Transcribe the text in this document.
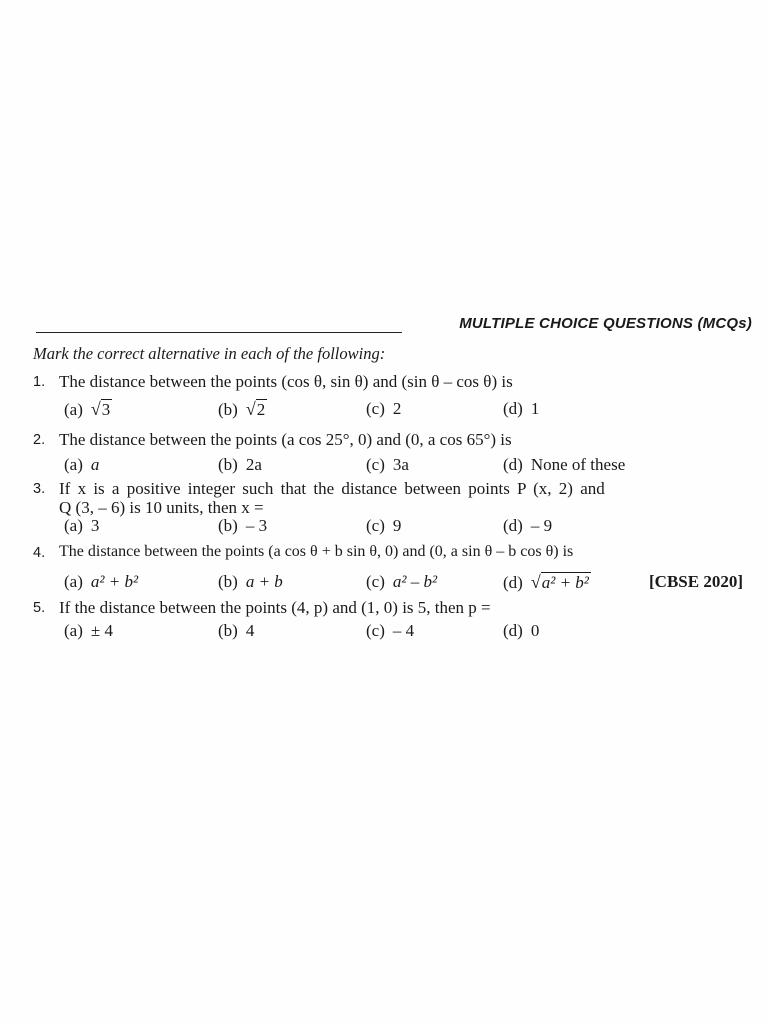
MULTIPLE CHOICE QUESTIONS (MCQs)
Mark the correct alternative in each of the following:
1. The distance between the points (cos θ, sin θ) and (sin θ – cos θ) is
(a) √3	(b) √2	(c) 2	(d) 1
2. The distance between the points (a cos 25°, 0) and (0, a cos 65°) is
(a) a	(b) 2a	(c) 3a	(d) None of these
3. If x is a positive integer such that the distance between points P (x, 2) and
Q (3, – 6) is 10 units, then x =
(a) 3	(b) – 3	(c) 9	(d) – 9
4. The distance between the points (a cos θ + b sin θ, 0) and (0, a sin θ – b cos θ) is
(a) a² + b²	(b) a + b	(c) a² – b²	(d) √a² + b²	[CBSE 2020]
5. If the distance between the points (4, p) and (1, 0) is 5, then p =
(a) ± 4	(b) 4	(c) – 4	(d) 0
